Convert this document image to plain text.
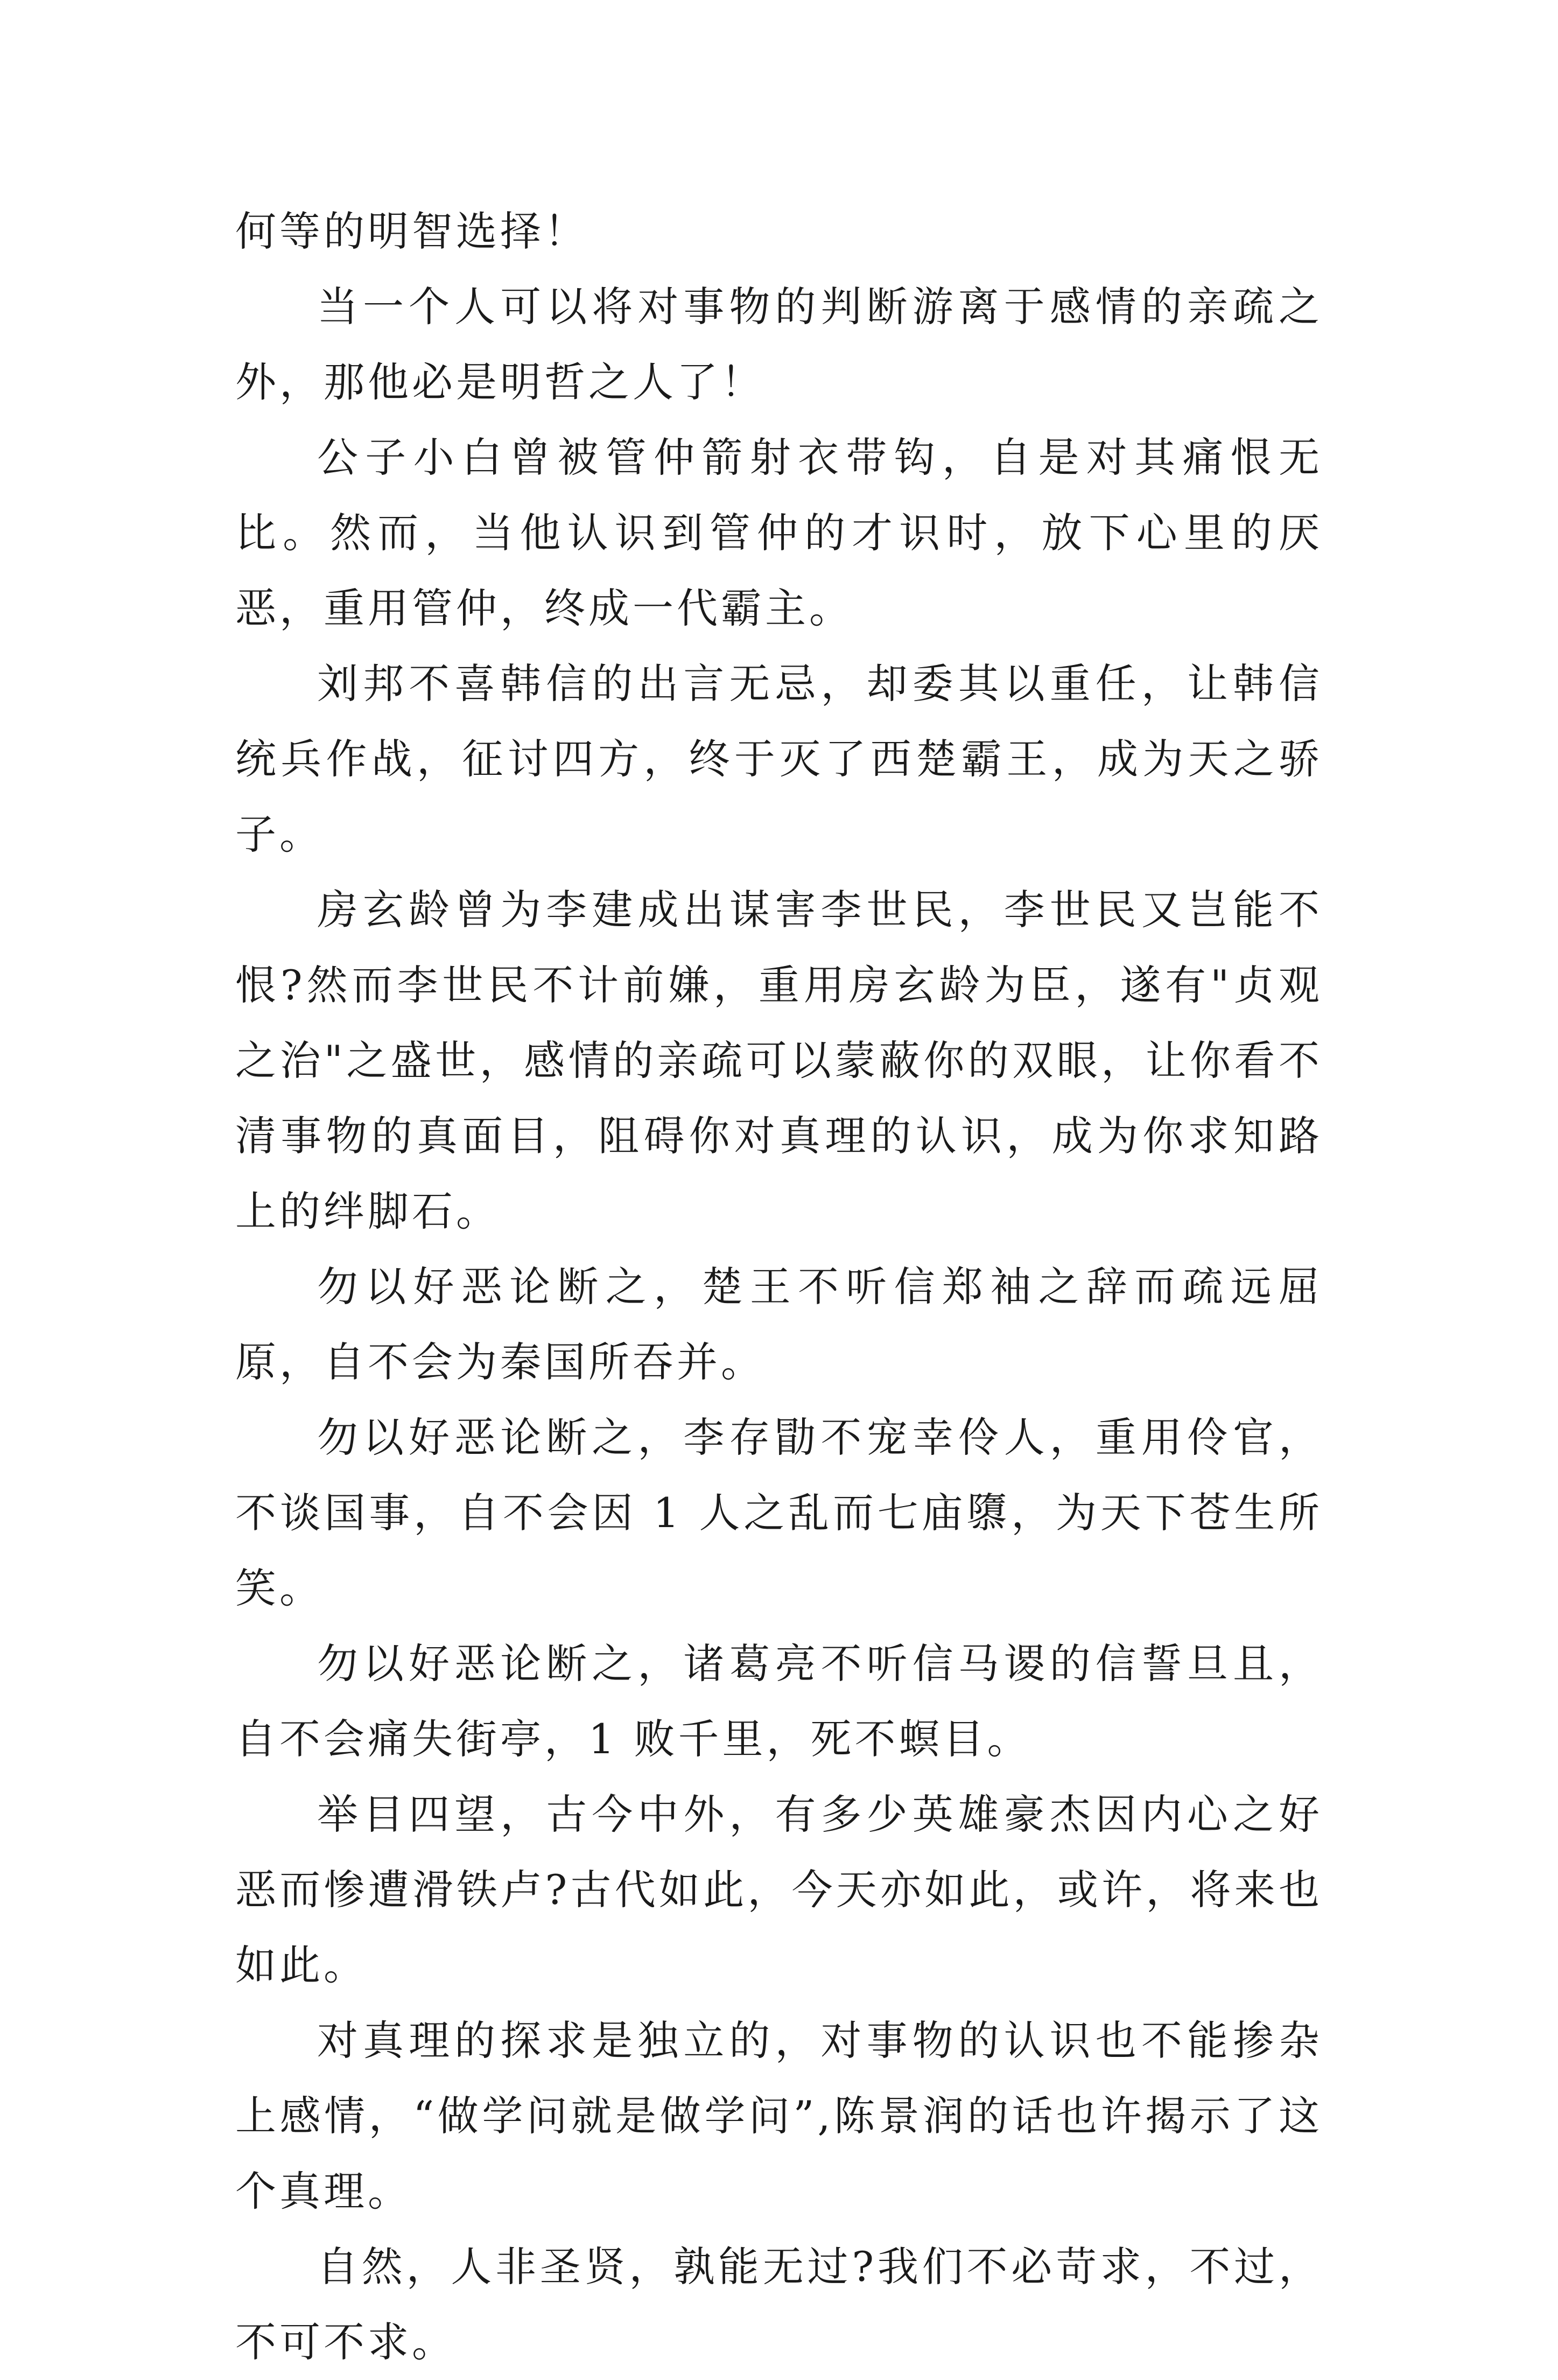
何等的明智选择！

当一个人可以将对事物的判断游离于感情的亲疏之外，那他必是明哲之人了！

公子小白曾被管仲箭射衣带钩，自是对其痛恨无比。然而，当他认识到管仲的才识时，放下心里的厌恶，重用管仲，终成一代霸主。

刘邦不喜韩信的出言无忌，却委其以重任，让韩信统兵作战，征讨四方，终于灭了西楚霸王，成为天之骄子。

房玄龄曾为李建成出谋害李世民，李世民又岂能不恨?然而李世民不计前嫌，重用房玄龄为臣，遂有"贞观之治"之盛世，感情的亲疏可以蒙蔽你的双眼，让你看不清事物的真面目，阻碍你对真理的认识，成为你求知路上的绊脚石。

勿以好恶论断之，楚王不听信郑袖之辞而疏远屈原，自不会为秦国所吞并。

勿以好恶论断之，李存勖不宠幸伶人，重用伶官，不谈国事，自不会因 1 人之乱而七庙隳，为天下苍生所笑。

勿以好恶论断之，诸葛亮不听信马谡的信誓旦且，自不会痛失街亭，1 败千里，死不螟目。

举目四望，古今中外，有多少英雄豪杰因内心之好恶而惨遭滑铁卢?古代如此，今天亦如此，或许，将来也如此。

对真理的探求是独立的，对事物的认识也不能掺杂上感情，“做学问就是做学问”,陈景润的话也许揭示了这个真理。

自然，人非圣贤，孰能无过?我们不必苛求，不过，不可不求。
